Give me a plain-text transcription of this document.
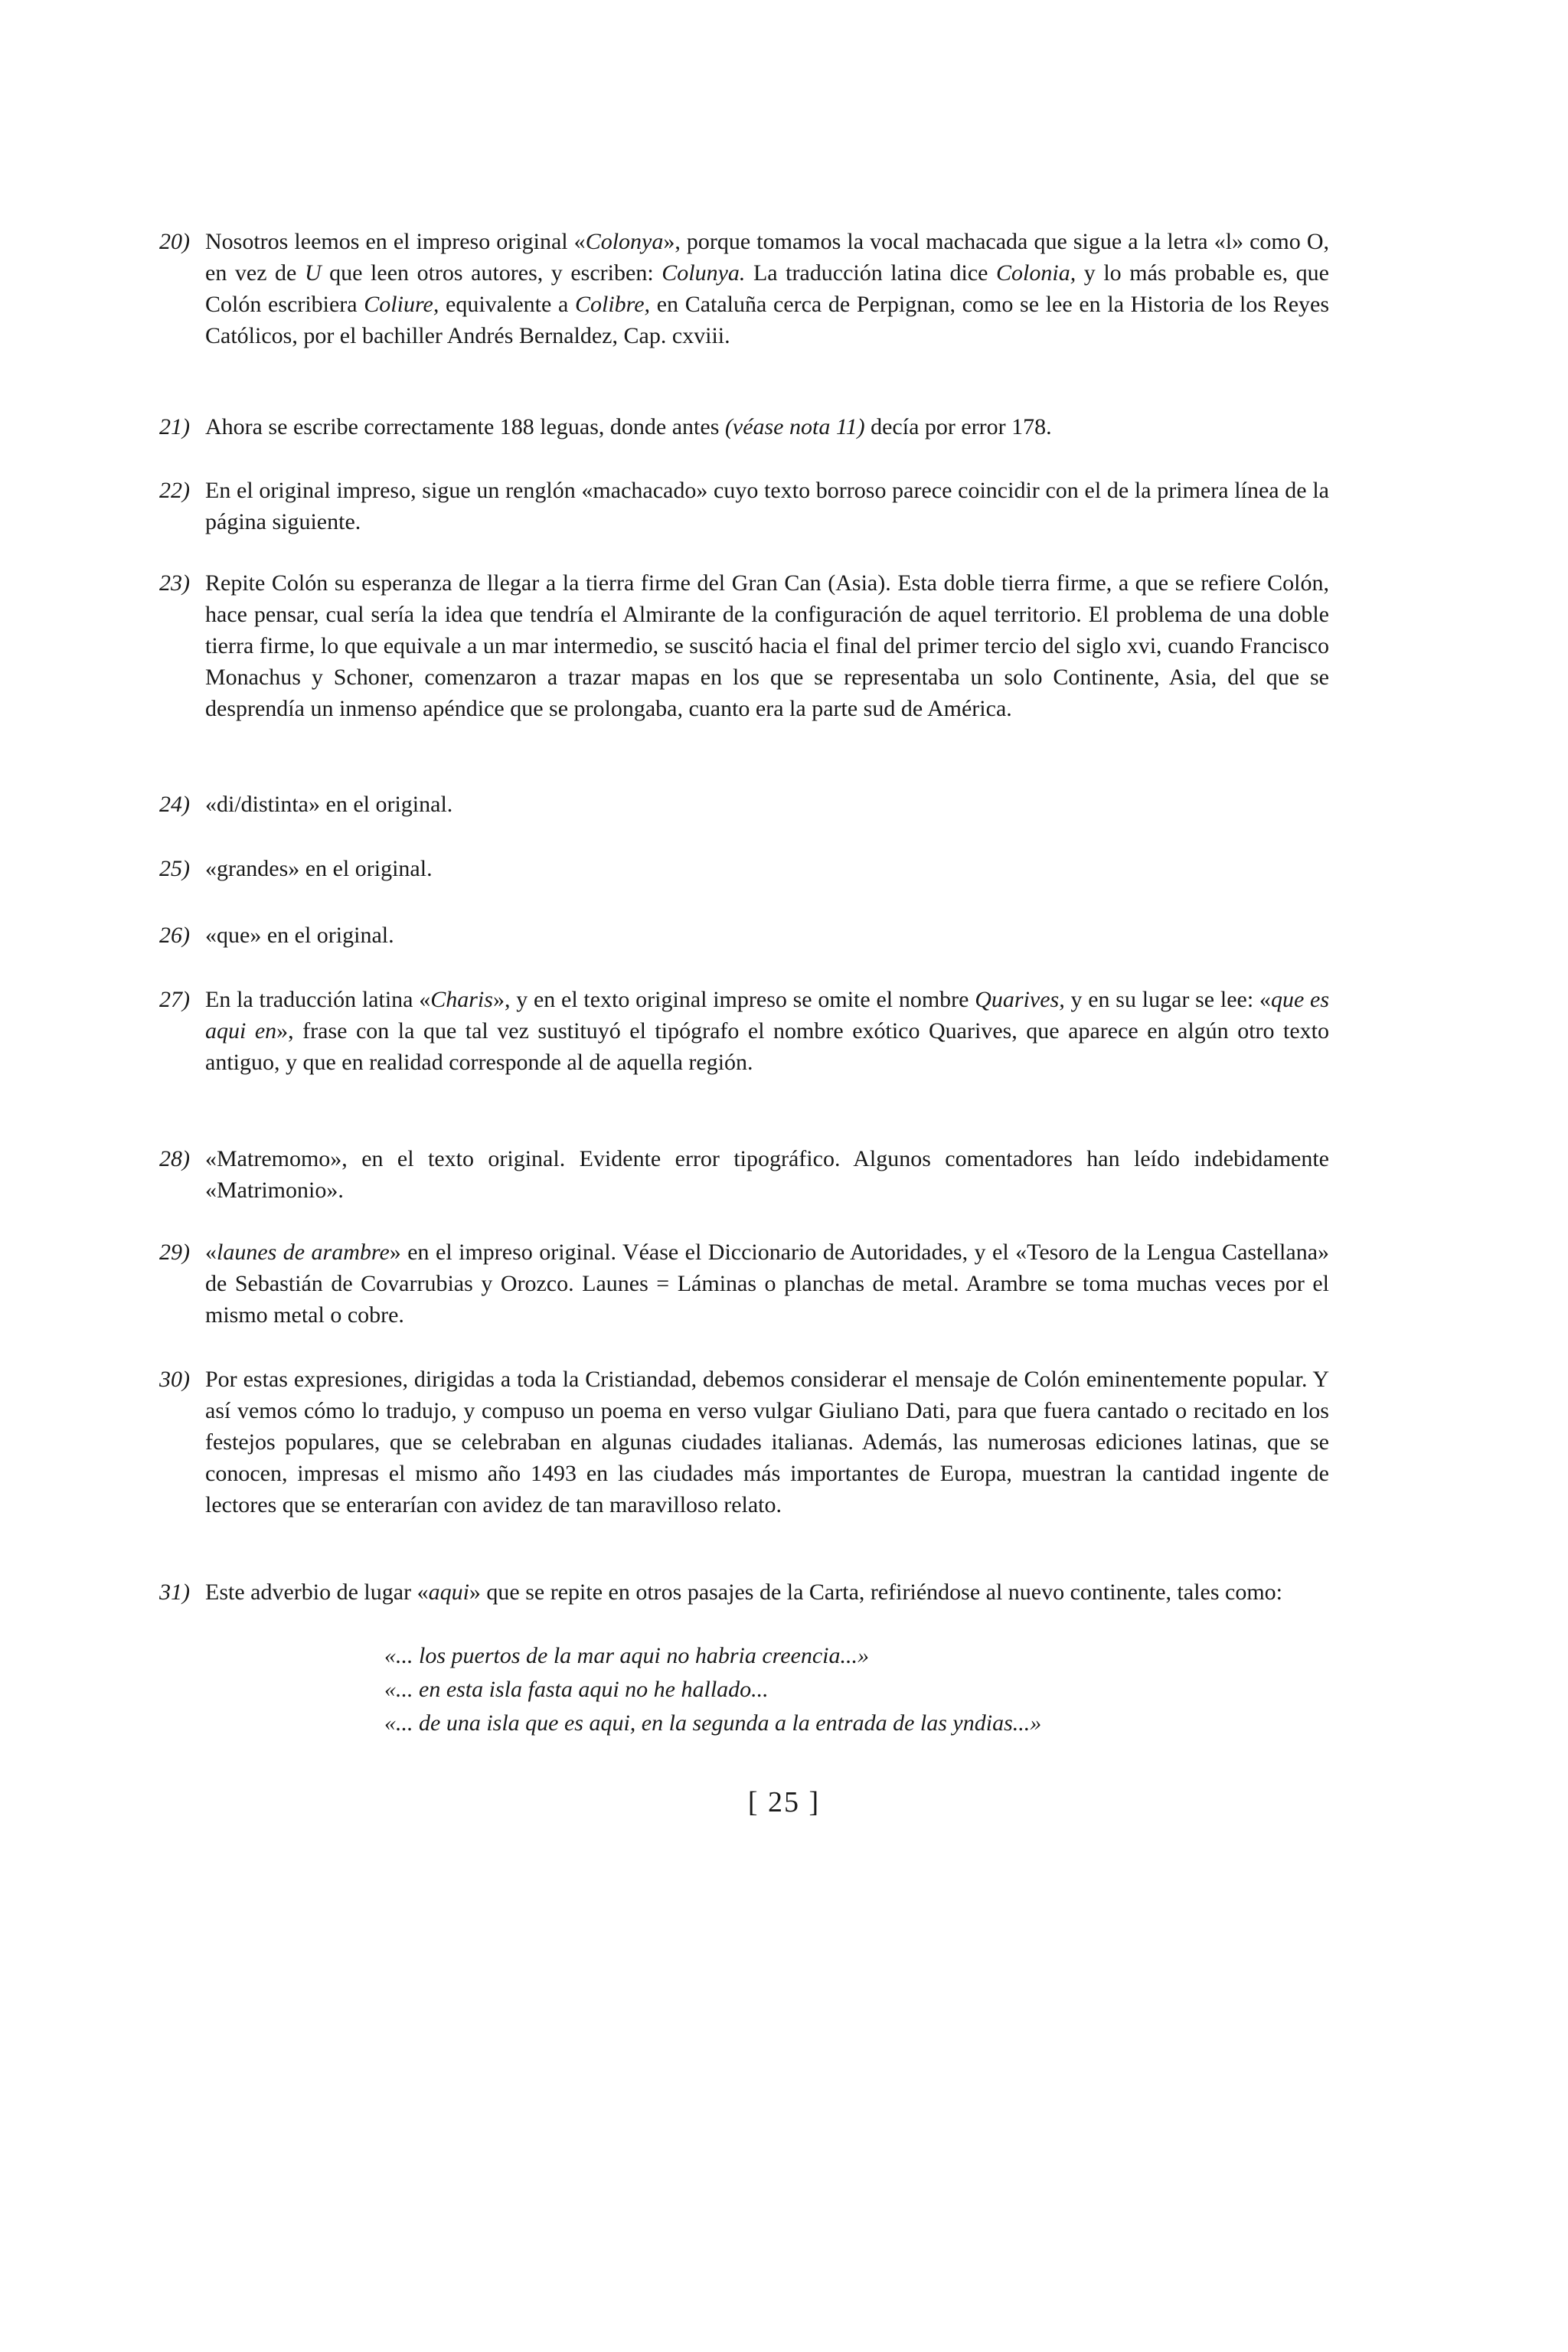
20) Nosotros leemos en el impreso original «Colonya», porque tomamos la vocal machacada que sigue a la letra «l» como O, en vez de U que leen otros autores, y escriben: Colunya. La traducción latina dice Colonia, y lo más probable es, que Colón escribiera Coliure, equivalente a Colibre, en Cataluña cerca de Perpignan, como se lee en la Historia de los Reyes Católicos, por el bachiller Andrés Bernaldez, Cap. cxviii.
21) Ahora se escribe correctamente 188 leguas, donde antes (véase nota 11) decía por error 178.
22) En el original impreso, sigue un renglón «machacado» cuyo texto borroso parece coincidir con el de la primera línea de la página siguiente.
23) Repite Colón su esperanza de llegar a la tierra firme del Gran Can (Asia). Esta doble tierra firme, a que se refiere Colón, hace pensar, cual sería la idea que tendría el Almirante de la configuración de aquel territorio. El problema de una doble tierra firme, lo que equivale a un mar intermedio, se suscitó hacia el final del primer tercio del siglo xvi, cuando Francisco Monachus y Schoner, comenzaron a trazar mapas en los que se representaba un solo Continente, Asia, del que se desprendía un inmenso apéndice que se prolongaba, cuanto era la parte sud de América.
24) «di/distinta» en el original.
25) «grandes» en el original.
26) «que» en el original.
27) En la traducción latina «Charis», y en el texto original impreso se omite el nombre Quarives, y en su lugar se lee: «que es aqui en», frase con la que tal vez sustituyó el tipógrafo el nombre exótico Quarives, que aparece en algún otro texto antiguo, y que en realidad corresponde al de aquella región.
28) «Matremomo», en el texto original. Evidente error tipográfico. Algunos comentadores han leído indebidamente «Matrimonio».
29) «launes de arambre» en el impreso original. Véase el Diccionario de Autoridades, y el «Tesoro de la Lengua Castellana» de Sebastián de Covarrubias y Orozco. Launes = Láminas o planchas de metal. Arambre se toma muchas veces por el mismo metal o cobre.
30) Por estas expresiones, dirigidas a toda la Cristiandad, debemos considerar el mensaje de Colón eminentemente popular. Y así vemos cómo lo tradujo, y compuso un poema en verso vulgar Giuliano Dati, para que fuera cantado o recitado en los festejos populares, que se celebraban en algunas ciudades italianas. Además, las numerosas ediciones latinas, que se conocen, impresas el mismo año 1493 en las ciudades más importantes de Europa, muestran la cantidad ingente de lectores que se enterarían con avidez de tan maravilloso relato.
31) Este adverbio de lugar «aqui» que se repite en otros pasajes de la Carta, refiriéndose al nuevo continente, tales como:
«... los puertos de la mar aqui no habria creencia...»
«... en esta isla fasta aqui no he hallado...
«... de una isla que es aqui, en la segunda a la entrada de las yndias...»
[ 25 ]
